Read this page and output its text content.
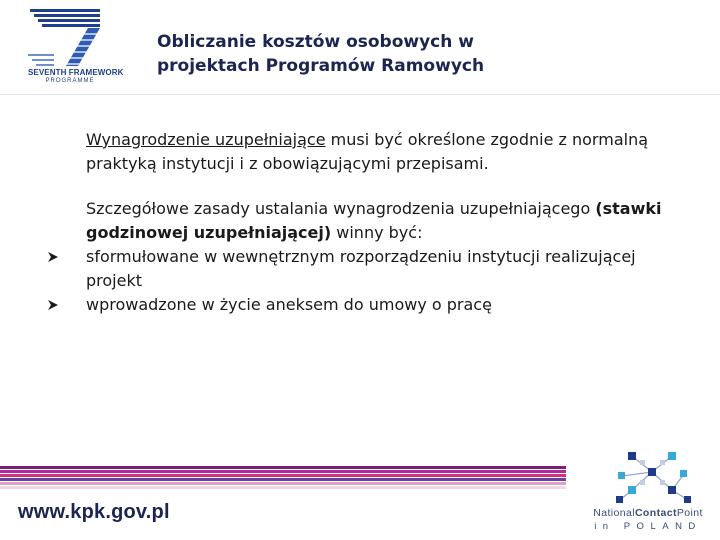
SEVENTH FRAMEWORK
PROGRAMME
Obliczanie kosztów osobowych w
projektach Programów Ramowych

Wynagrodzenie uzupełniające musi być określone zgodnie z normalną praktyką instytucji i z obowiązującymi przepisami.

Szczegółowe zasady ustalania wynagrodzenia uzupełniającego (stawki godzinowej uzupełniającej) winny być:

sformułowane w wewnętrznym rozporządzeniu instytucji realizującej projekt

wprowadzone w życie aneksem do umowy o pracę

www.kpk.gov.pl	NationalContactPoint
in POLAND
